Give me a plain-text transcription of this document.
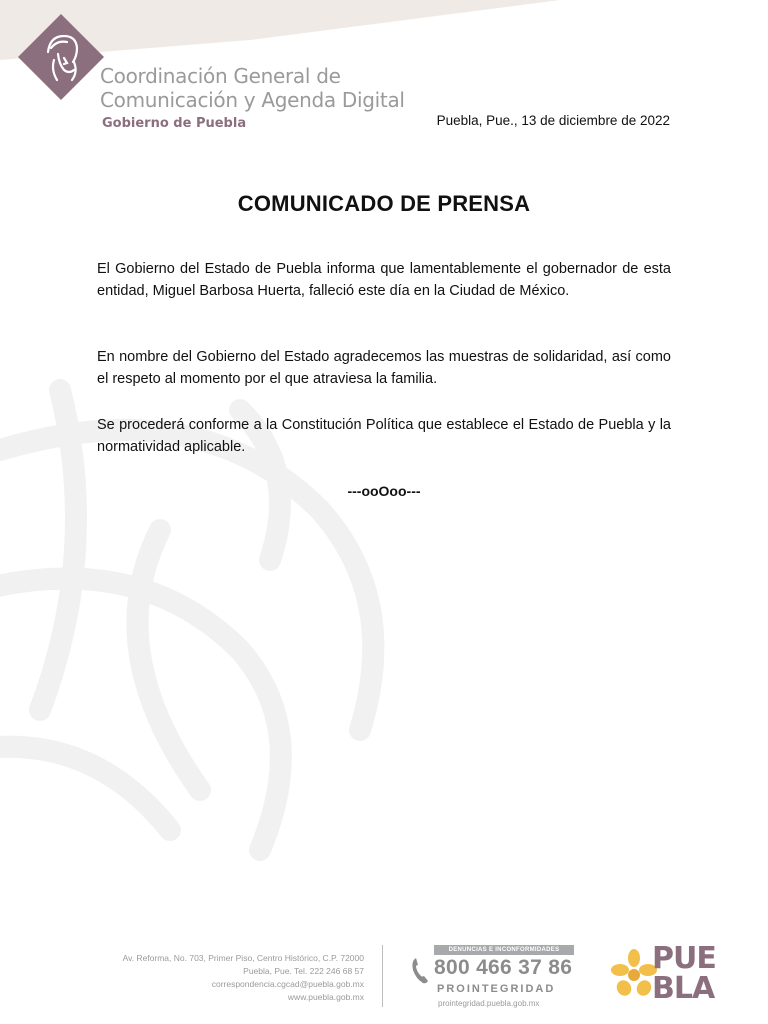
Coordinación General de
Comunicación y Agenda Digital
Gobierno de Puebla	Puebla, Pue., 13 de diciembre de 2022
COMUNICADO DE PRENSA

El Gobierno del Estado de Puebla informa que lamentablemente el gobernador de esta entidad, Miguel Barbosa Huerta, falleció este día en la Ciudad de México.

En nombre del Gobierno del Estado agradecemos las muestras de solidaridad, así como el respeto al momento por el que atraviesa la familia.

Se procederá conforme a la Constitución Política que establece el Estado de Puebla y la normatividad aplicable.

---ooOoo---
Av. Reforma, No. 703, Primer Piso, Centro Histórico, C.P. 72000
Puebla, Pue. Tel. 222 246 68 57
correspondencia.cgcad@puebla.gob.mx
www.puebla.gob.mx
DENUNCIAS E INCONFORMIDADES
800 466 37 86
PROINTEGRIDAD
prointegridad.puebla.gob.mx
PUE
BLA
